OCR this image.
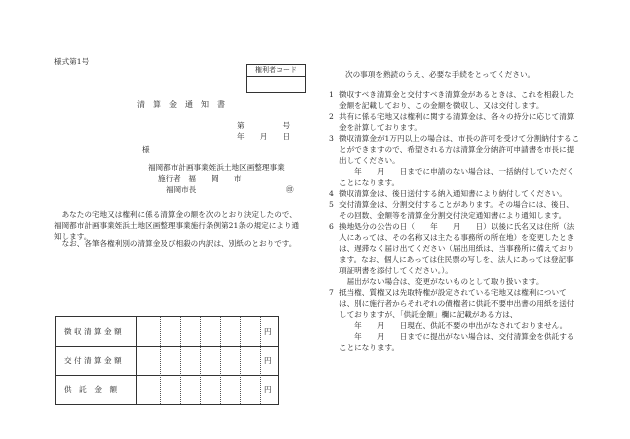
様式第1号
権利者コード
清　算　金　通　知　書
第　　　　　号
年　　月　　日
様
福岡都市計画事業姪浜土地区画整理事業
施行者　福　　岡　　市
福岡市長	㊞
あなたの宅地又は権利に係る清算金の額を次のとおり決定したので、福岡都市計画事業姪浜土地区画整理事業施行条例第21条の規定により通知します。
なお、各筆各権利別の清算金及び相殺の内訳は、別紙のとおりです。
徴 収 清 算 金 額	円
交 付 清 算 金 額	円
供　託　金　額	円
次の事項を熟読のうえ、必要な手続をとってください。
1 徴収すべき清算金と交付すべき清算金があるときは、これを相殺した金額を記載しており、この金額を徴収し、又は交付します。
2 共有に係る宅地又は権利に関する清算金は、各々の持分に応じて清算金を計算しております。
3 徴収清算金が1万円以上の場合は、市長の許可を受けて分割納付することができますので、希望される方は清算金分納許可申請書を市長に提出してください。
　　年　　月　　日までに申請のない場合は、一括納付していただくことになります。
4 徴収清算金は、後日送付する納入通知書により納付してください。
5 交付清算金は、分割交付することがあります。その場合には、後日、その回数、金額等を清算金分割交付決定通知書により通知します。
6 換地処分の公告の日（　　年　　月　　日）以後に氏名又は住所（法人にあっては、その名称又は主たる事務所の所在地）を変更したときは、遅滞なく届け出てください（届出用紙は、当事務所に備えております。なお、個人にあっては住民票の写しを、法人にあっては登記事項証明書を添付してください。）。
届出がない場合は、変更がないものとして取り扱います。
7 抵当権、質権又は先取特権が設定されている宅地又は権利については、別に施行者からそれぞれの債権者に供託不要申出書の用紙を送付しておりますが、「供託金額」欄に記載がある方は、
　　年　　月　　日現在、供託不要の申出がなされておりません。
　　年　　月　　日までに提出がない場合は、交付清算金を供託することになります。
